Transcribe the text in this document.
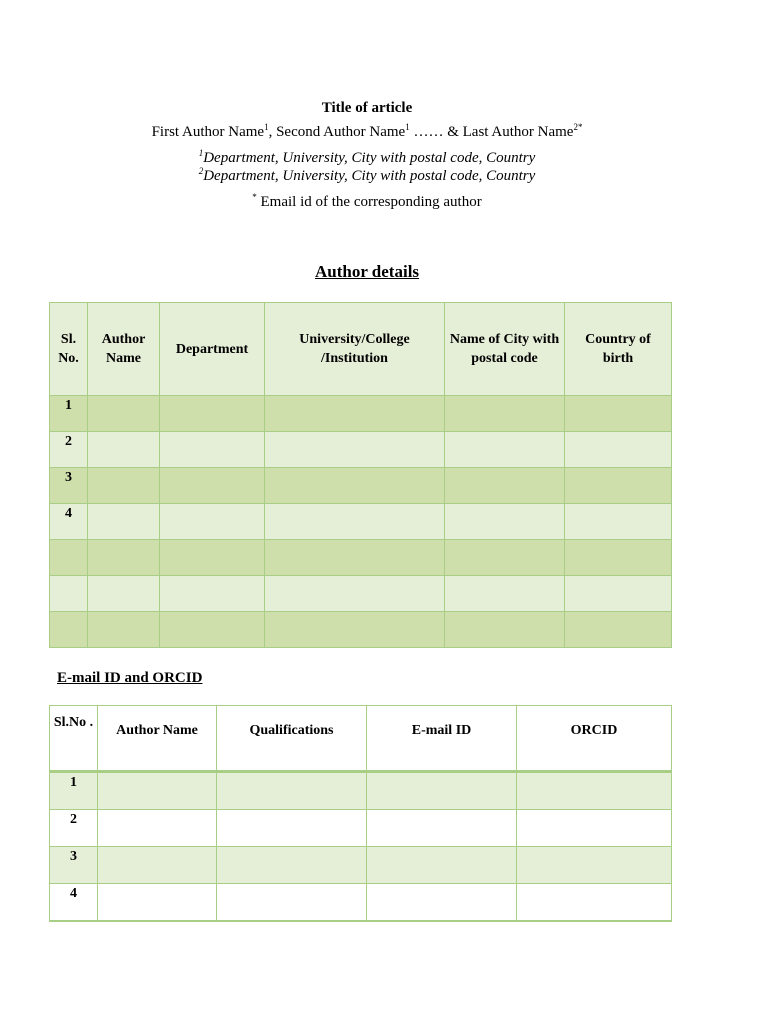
Title of article
First Author Name$^1$, Second Author Name$^1$ …… & Last Author Name$^{2*}$
$^1$Department, University, City with postal code, Country
$^2$Department, University, City with postal code, Country
* Email id of the corresponding author
Author details
Sl. No.	Author Name	Department	University/College /Institution	Name of City with postal code	Country of birth
1					
2					
3					
4					

E-mail ID and ORCID
Sl.No .	Author Name	Qualifications	E-mail ID	ORCID
1				
2				
3				
4				
